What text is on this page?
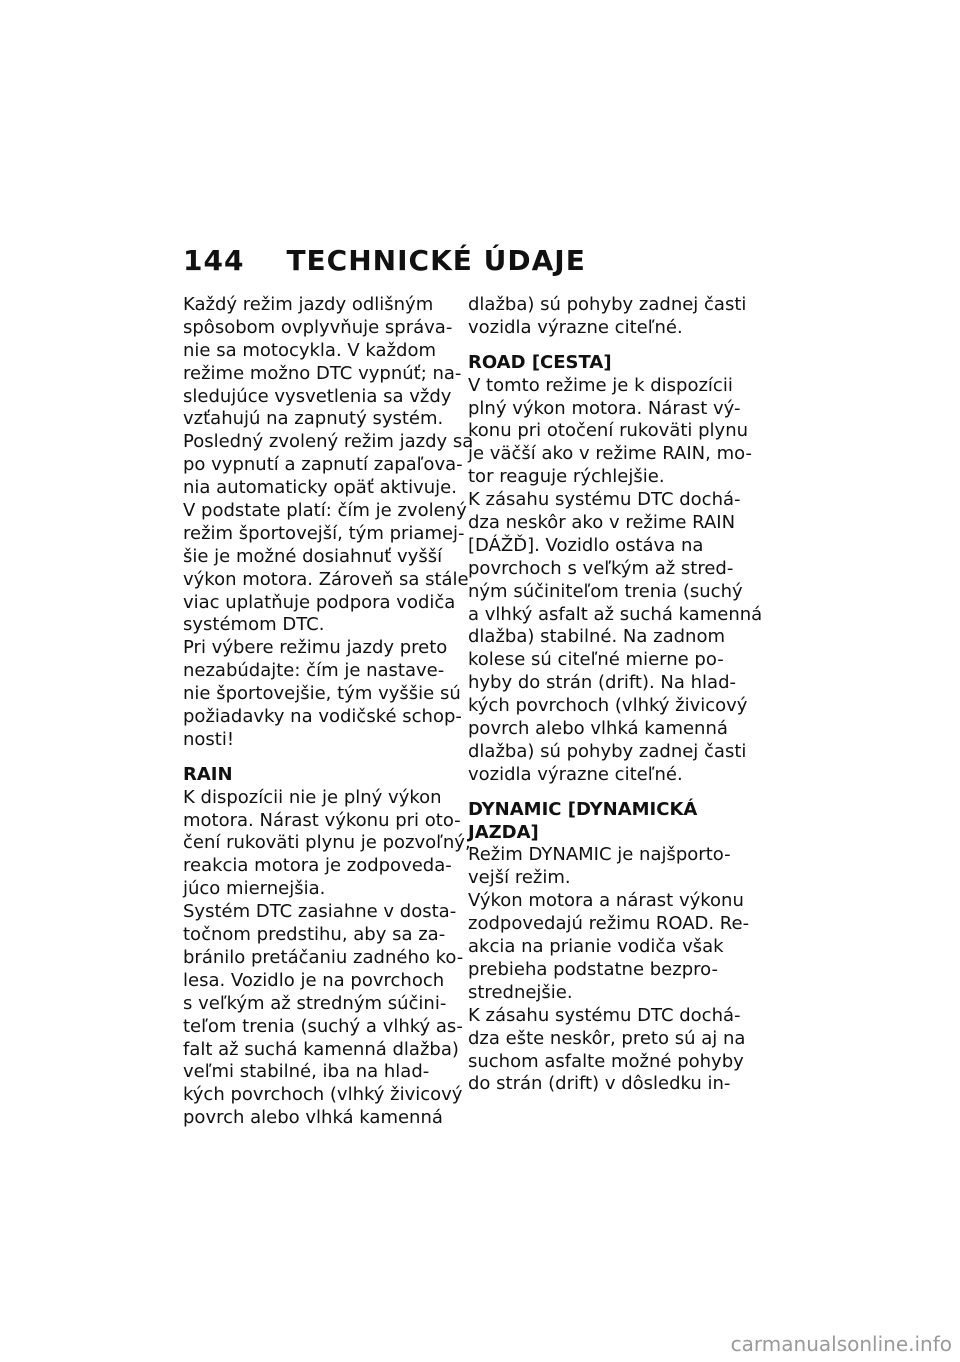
144 TECHNICKÉ ÚDAJE
Každý režim jazdy odlišným
spôsobom ovplyvňuje správa-
nie sa motocykla. V každom
režime možno DTC vypnúť; na-
sledujúce vysvetlenia sa vždy
vzťahujú na zapnutý systém.
Posledný zvolený režim jazdy sa
po vypnutí a zapnutí zapaľova-
nia automaticky opäť aktivuje.
V podstate platí: čím je zvolený
režim športovejší, tým priamej-
šie je možné dosiahnuť vyšší
výkon motora. Zároveň sa stále
viac uplatňuje podpora vodiča
systémom DTC.
Pri výbere režimu jazdy preto
nezabúdajte: čím je nastave-
nie športovejšie, tým vyššie sú
požiadavky na vodičské schop-
nosti!
RAIN
K dispozícii nie je plný výkon
motora. Nárast výkonu pri oto-
čení rukoväti plynu je pozvoľný,
reakcia motora je zodpoveda-
júco miernejšia.
Systém DTC zasiahne v dosta-
točnom predstihu, aby sa za-
bránilo pretáčaniu zadného ko-
lesa. Vozidlo je na povrchoch
s veľkým až stredným súčini-
teľom trenia (suchý a vlhký as-
falt až suchá kamenná dlažba)
veľmi stabilné, iba na hlad-
kých povrchoch (vlhký živicový
povrch alebo vlhká kamenná
dlažba) sú pohyby zadnej časti
vozidla výrazne citeľné.
ROAD [CESTA]
V tomto režime je k dispozícii
plný výkon motora. Nárast vý-
konu pri otočení rukoväti plynu
je väčší ako v režime RAIN, mo-
tor reaguje rýchlejšie.
K zásahu systému DTC dochá-
dza neskôr ako v režime RAIN
[DÁŽĎ]. Vozidlo ostáva na
povrchoch s veľkým až stred-
ným súčiniteľom trenia (suchý
a vlhký asfalt až suchá kamenná
dlažba) stabilné. Na zadnom
kolese sú citeľné mierne po-
hyby do strán (drift). Na hlad-
kých povrchoch (vlhký živicový
povrch alebo vlhká kamenná
dlažba) sú pohyby zadnej časti
vozidla výrazne citeľné.
DYNAMIC [DYNAMICKÁ
JAZDA]
Režim DYNAMIC je najšporto-
vejší režim.
Výkon motora a nárast výkonu
zodpovedajú režimu ROAD. Re-
akcia na prianie vodiča však
prebieha podstatne bezpro-
strednejšie.
K zásahu systému DTC dochá-
dza ešte neskôr, preto sú aj na
suchom asfalte možné pohyby
do strán (drift) v dôsledku in-
carmanualsonline.info
